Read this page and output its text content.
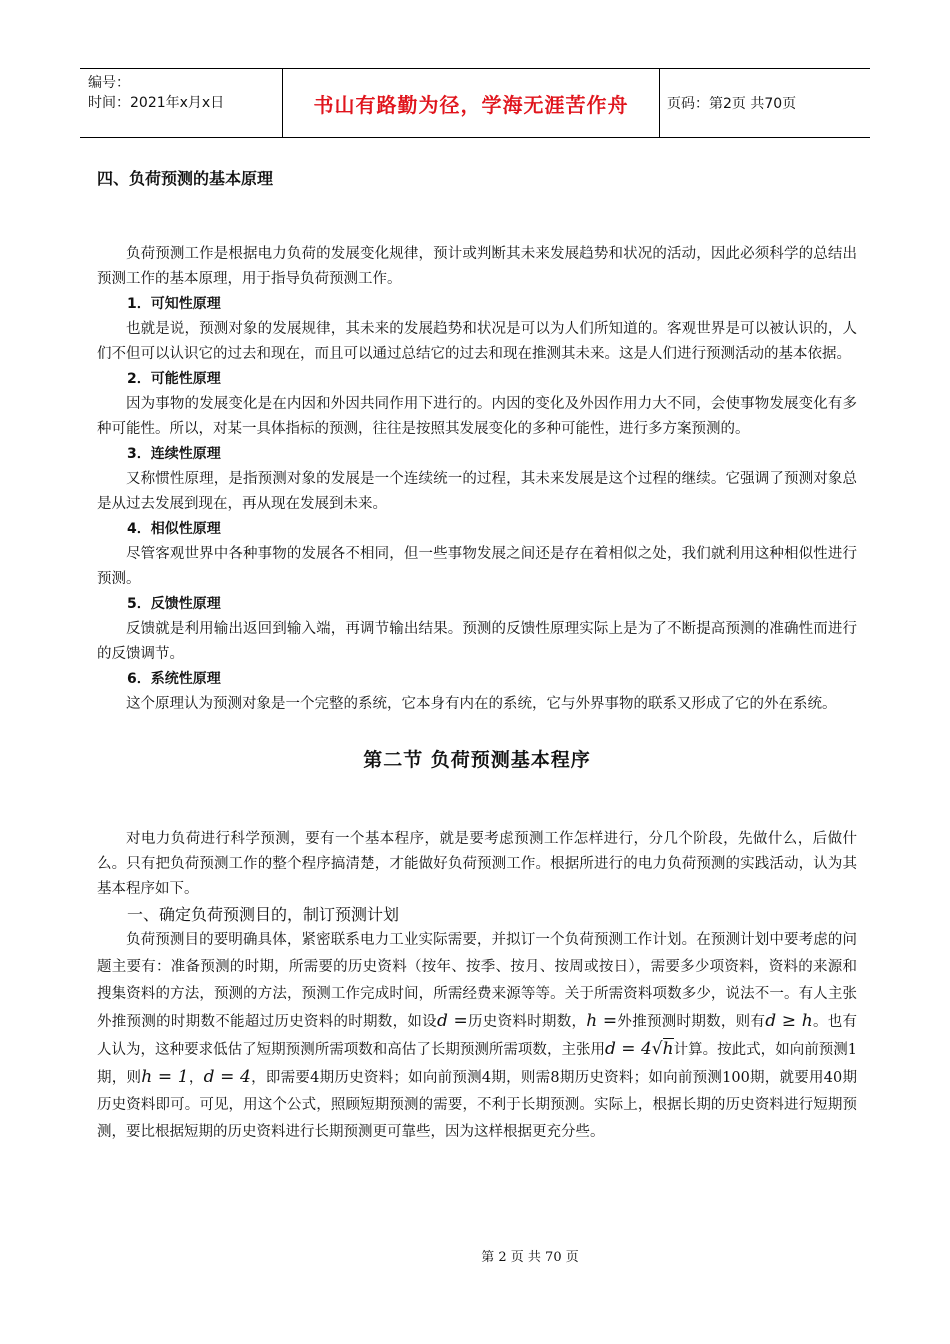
编号：
时间：2021年x月x日	书山有路勤为径，学海无涯苦作舟	页码：第2页 共70页
四、负荷预测的基本原理

负荷预测工作是根据电力负荷的发展变化规律，预计或判断其未来发展趋势和状况的活动，因此必须科学的总结出预测工作的基本原理，用于指导负荷预测工作。

1．可知性原理

也就是说，预测对象的发展规律，其未来的发展趋势和状况是可以为人们所知道的。客观世界是可以被认识的，人们不但可以认识它的过去和现在，而且可以通过总结它的过去和现在推测其未来。这是人们进行预测活动的基本依据。

2．可能性原理

因为事物的发展变化是在内因和外因共同作用下进行的。内因的变化及外因作用力大不同，会使事物发展变化有多种可能性。所以，对某一具体指标的预测，往往是按照其发展变化的多种可能性，进行多方案预测的。

3．连续性原理

又称惯性原理，是指预测对象的发展是一个连续统一的过程，其未来发展是这个过程的继续。它强调了预测对象总是从过去发展到现在，再从现在发展到未来。

4．相似性原理

尽管客观世界中各种事物的发展各不相同，但一些事物发展之间还是存在着相似之处，我们就利用这种相似性进行预测。

5．反馈性原理

反馈就是利用输出返回到输入端，再调节输出结果。预测的反馈性原理实际上是为了不断提高预测的准确性而进行的反馈调节。

6．系统性原理

这个原理认为预测对象是一个完整的系统，它本身有内在的系统，它与外界事物的联系又形成了它的外在系统。

第二节 负荷预测基本程序

对电力负荷进行科学预测，要有一个基本程序，就是要考虑预测工作怎样进行，分几个阶段，先做什么，后做什么。只有把负荷预测工作的整个程序搞清楚，才能做好负荷预测工作。根据所进行的电力负荷预测的实践活动，认为其基本程序如下。

一、确定负荷预测目的，制订预测计划

负荷预测目的要明确具体，紧密联系电力工业实际需要，并拟订一个负荷预测工作计划。在预测计划中要考虑的问题主要有：准备预测的时期，所需要的历史资料（按年、按季、按月、按周或按日），需要多少项资料，资料的来源和搜集资料的方法，预测的方法，预测工作完成时间，所需经费来源等等。关于所需资料项数多少，说法不一。有人主张外推预测的时期数不能超过历史资料的时期数，如设d =历史资料时期数，h =外推预测时期数，则有d ≥ h。也有人认为，这种要求低估了短期预测所需项数和高估了长期预测所需项数，主张用d = 4√h计算。按此式，如向前预测1期，则h = 1，d = 4，即需要4期历史资料；如向前预测4期，则需8期历史资料；如向前预测100期，就要用40期历史资料即可。可见，用这个公式，照顾短期预测的需要，不利于长期预测。实际上，根据长期的历史资料进行短期预测，要比根据短期的历史资料进行长期预测更可靠些，因为这样根据更充分些。

第 2 页 共 70 页
